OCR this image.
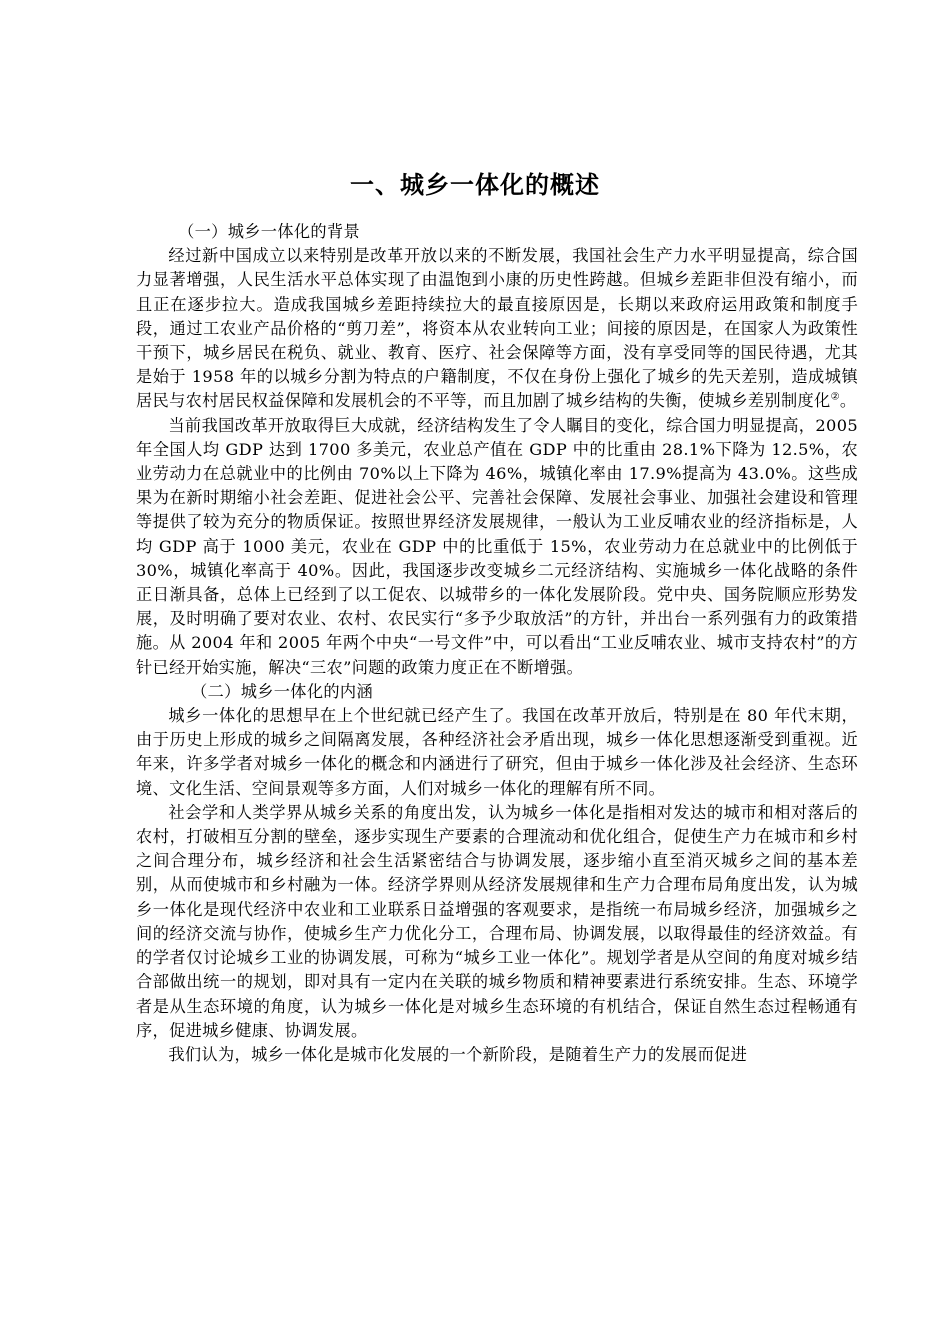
一、城乡一体化的概述

（一）城乡一体化的背景

经过新中国成立以来特别是改革开放以来的不断发展，我国社会生产力水平明显提高，综合国力显著增强，人民生活水平总体实现了由温饱到小康的历史性跨越。但城乡差距非但没有缩小，而且正在逐步拉大。造成我国城乡差距持续拉大的最直接原因是，长期以来政府运用政策和制度手段，通过工农业产品价格的“剪刀差”，将资本从农业转向工业；间接的原因是，在国家人为政策性干预下，城乡居民在税负、就业、教育、医疗、社会保障等方面，没有享受同等的国民待遇，尤其是始于 1958 年的以城乡分割为特点的户籍制度，不仅在身份上强化了城乡的先天差别，造成城镇居民与农村居民权益保障和发展机会的不平等，而且加剧了城乡结构的失衡，使城乡差别制度化②。

当前我国改革开放取得巨大成就，经济结构发生了令人瞩目的变化，综合国力明显提高，2005 年全国人均 GDP 达到 1700 多美元，农业总产值在 GDP 中的比重由 28.1%下降为 12.5%，农业劳动力在总就业中的比例由 70%以上下降为 46%，城镇化率由 17.9%提高为 43.0%。这些成果为在新时期缩小社会差距、促进社会公平、完善社会保障、发展社会事业、加强社会建设和管理等提供了较为充分的物质保证。按照世界经济发展规律，一般认为工业反哺农业的经济指标是，人均 GDP 高于 1000 美元，农业在 GDP 中的比重低于 15%，农业劳动力在总就业中的比例低于 30%，城镇化率高于 40%。因此，我国逐步改变城乡二元经济结构、实施城乡一体化战略的条件正日渐具备，总体上已经到了以工促农、以城带乡的一体化发展阶段。党中央、国务院顺应形势发展，及时明确了要对农业、农村、农民实行“多予少取放活”的方针，并出台一系列强有力的政策措施。从 2004 年和 2005 年两个中央“一号文件”中，可以看出“工业反哺农业、城市支持农村”的方针已经开始实施，解决“三农”问题的政策力度正在不断增强。

（二）城乡一体化的内涵

城乡一体化的思想早在上个世纪就已经产生了。我国在改革开放后，特别是在 80 年代末期，由于历史上形成的城乡之间隔离发展，各种经济社会矛盾出现，城乡一体化思想逐渐受到重视。近年来，许多学者对城乡一体化的概念和内涵进行了研究，但由于城乡一体化涉及社会经济、生态环境、文化生活、空间景观等多方面，人们对城乡一体化的理解有所不同。

社会学和人类学界从城乡关系的角度出发，认为城乡一体化是指相对发达的城市和相对落后的农村，打破相互分割的壁垒，逐步实现生产要素的合理流动和优化组合，促使生产力在城市和乡村之间合理分布，城乡经济和社会生活紧密结合与协调发展，逐步缩小直至消灭城乡之间的基本差别，从而使城市和乡村融为一体。经济学界则从经济发展规律和生产力合理布局角度出发，认为城乡一体化是现代经济中农业和工业联系日益增强的客观要求，是指统一布局城乡经济，加强城乡之间的经济交流与协作，使城乡生产力优化分工，合理布局、协调发展，以取得最佳的经济效益。有的学者仅讨论城乡工业的协调发展，可称为“城乡工业一体化”。规划学者是从空间的角度对城乡结合部做出统一的规划，即对具有一定内在关联的城乡物质和精神要素进行系统安排。生态、环境学者是从生态环境的角度，认为城乡一体化是对城乡生态环境的有机结合，保证自然生态过程畅通有序，促进城乡健康、协调发展。

我们认为，城乡一体化是城市化发展的一个新阶段，是随着生产力的发展而促进
